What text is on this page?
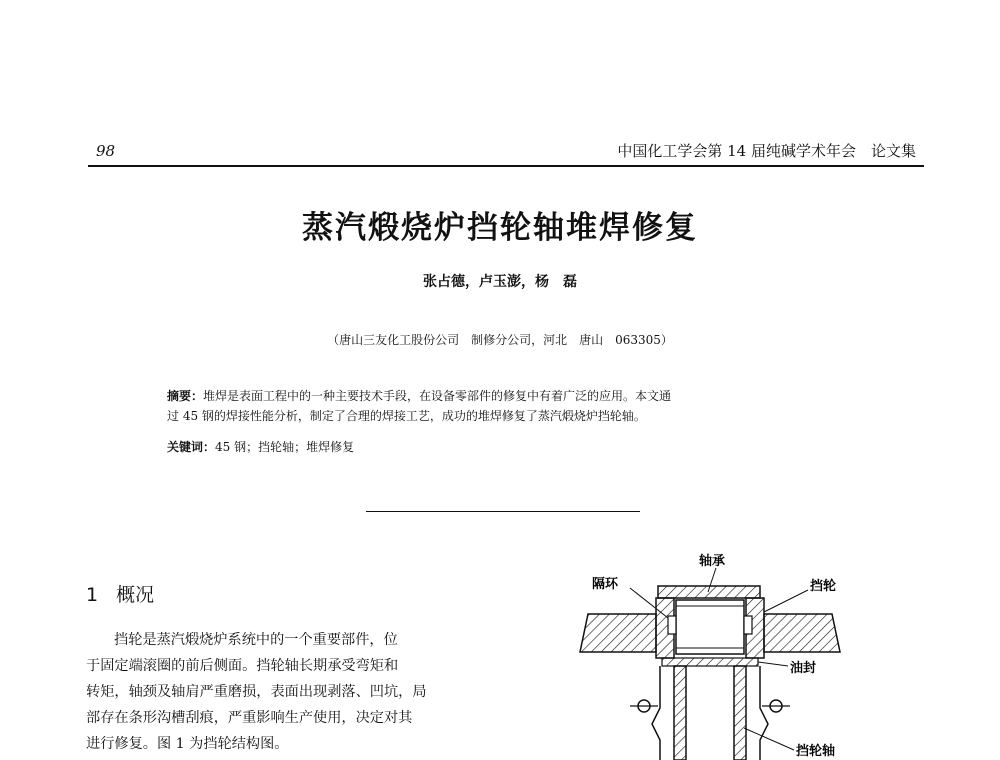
98	中国化工学会第 14 届纯碱学术年会　论文集
蒸汽煅烧炉挡轮轴堆焊修复
张占德，卢玉澎，杨　磊
（唐山三友化工股份公司　制修分公司，河北　唐山　063305）
摘要：堆焊是表面工程中的一种主要技术手段，在设备零部件的修复中有着广泛的应用。本文通
过 45 钢的焊接性能分析，制定了合理的焊接工艺，成功的堆焊修复了蒸汽煅烧炉挡轮轴。
关键词：45 钢；挡轮轴；堆焊修复
1 概况
挡轮是蒸汽煅烧炉系统中的一个重要部件，位
于固定端滚圈的前后侧面。挡轮轴长期承受弯矩和
转矩，轴颈及轴肩严重磨损，表面出现剥落、凹坑，局
部存在条形沟槽刮痕，严重影响生产使用，决定对其
进行修复。图 1 为挡轮结构图。
轴承
隔环	挡轮
油封
挡轮轴
